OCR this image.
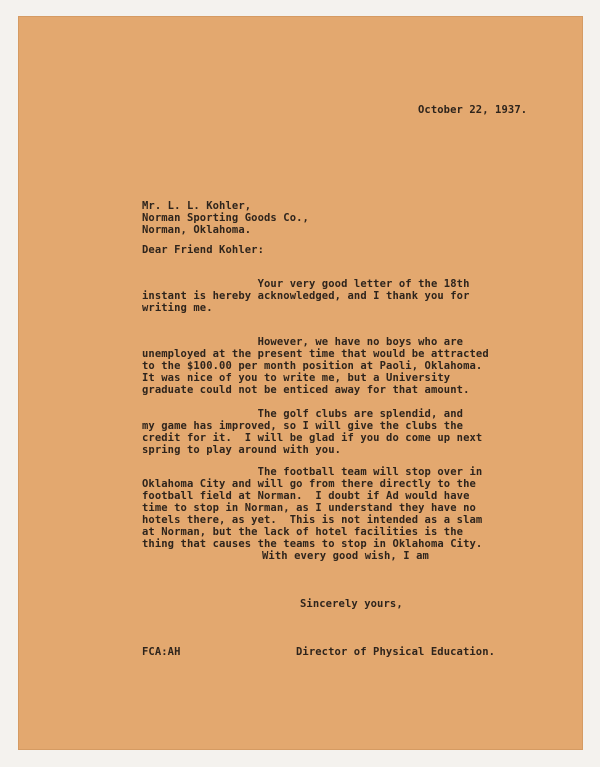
October 22, 1937.
Mr. L. L. Kohler,
Norman Sporting Goods Co.,
Norman, Oklahoma.
Dear Friend Kohler:
Your very good letter of the 18th
instant is hereby acknowledged, and I thank you for
writing me.
However, we have no boys who are
unemployed at the present time that would be attracted
to the $100.00 per month position at Paoli, Oklahoma.
It was nice of you to write me, but a University
graduate could not be enticed away for that amount.
The golf clubs are splendid, and
my game has improved, so I will give the clubs the
credit for it.  I will be glad if you do come up next
spring to play around with you.
The football team will stop over in
Oklahoma City and will go from there directly to the
football field at Norman.  I doubt if Ad would have
time to stop in Norman, as I understand they have no
hotels there, as yet.  This is not intended as a slam
at Norman, but the lack of hotel facilities is the
thing that causes the teams to stop in Oklahoma City.
With every good wish, I am
Sincerely yours,
FCA:AH	Director of Physical Education.
